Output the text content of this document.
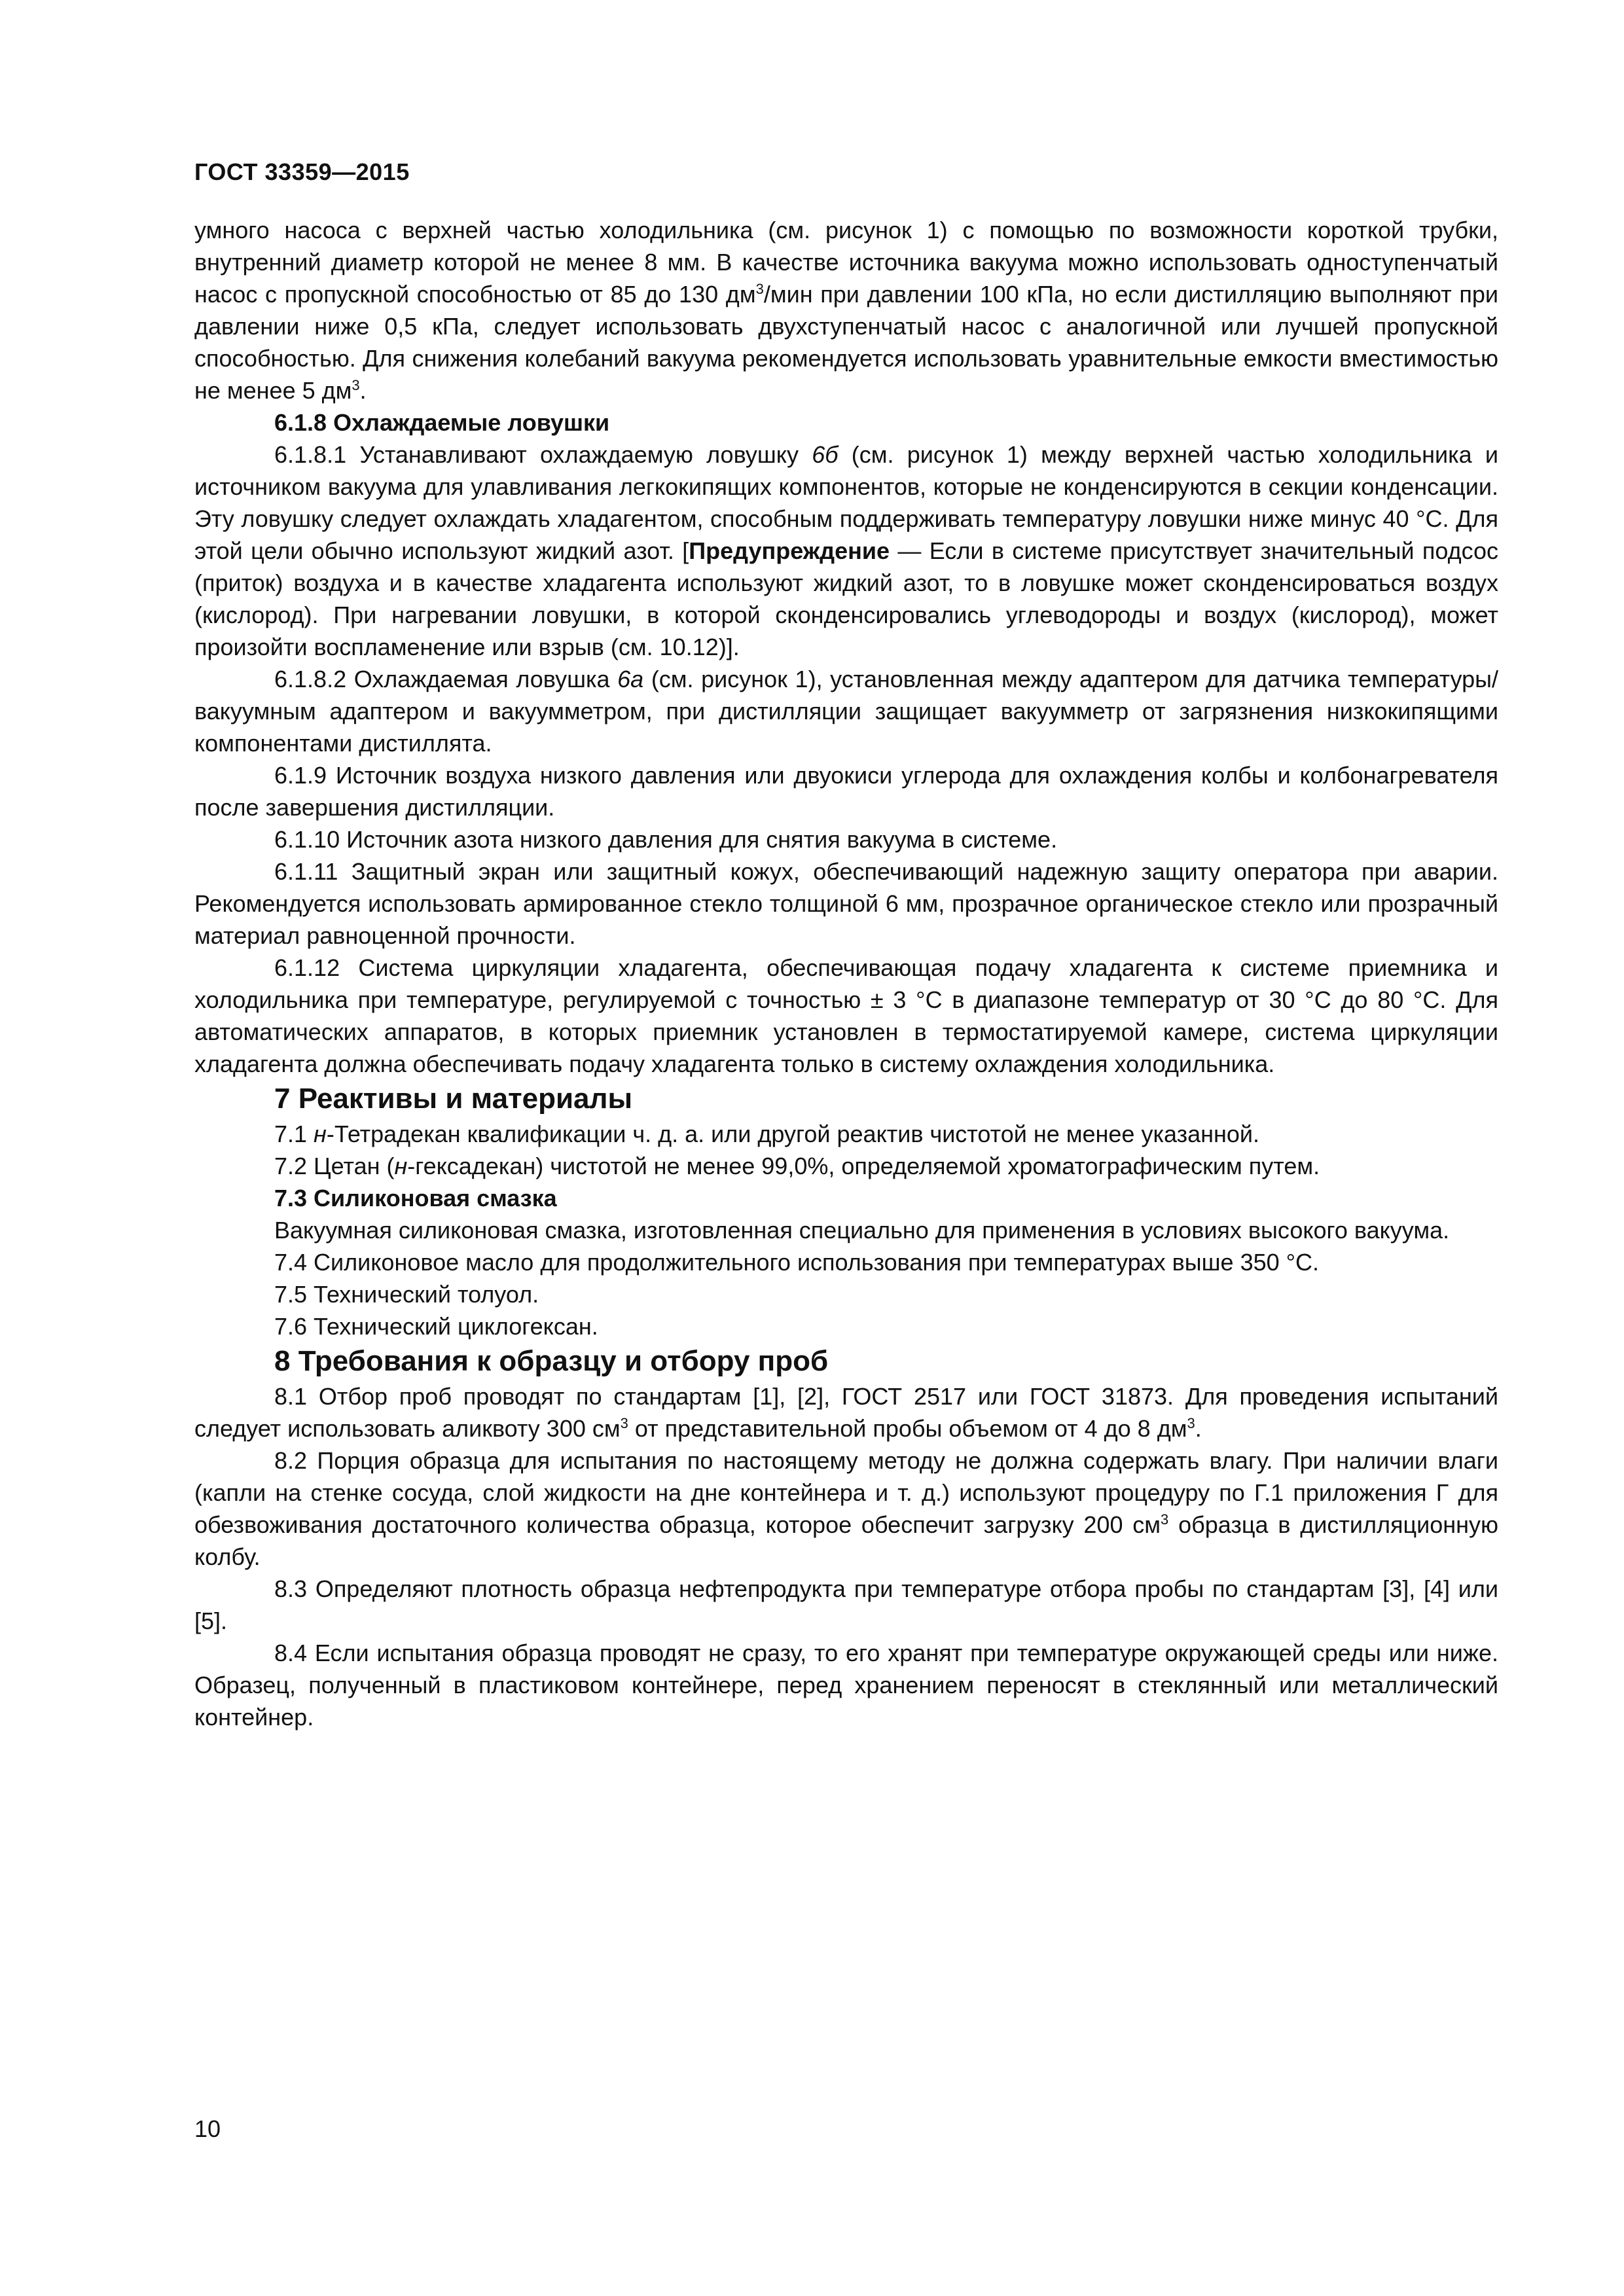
ГОСТ 33359—2015

умного насоса с верхней частью холодильника (см. рисунок 1) с помощью по возможности короткой трубки, внутренний диаметр которой не менее 8 мм. В качестве источника вакуума можно использовать одноступенчатый насос с пропускной способностью от 85 до 130 $дм^3$/мин при давлении 100 кПа, но если дистилляцию выполняют при давлении ниже 0,5 кПа, следует использовать двухступенчатый насос с аналогичной или лучшей пропускной способностью. Для снижения колебаний вакуума рекомендуется использовать уравнительные емкости вместимостью не менее 5 $дм^3$.

6.1.8 Охлаждаемые ловушки

6.1.8.1 Устанавливают охлаждаемую ловушку 6б (см. рисунок 1) между верхней частью холодильника и источником вакуума для улавливания легкокипящих компонентов, которые не конденсируются в секции конденсации. Эту ловушку следует охлаждать хладагентом, способным поддерживать температуру ловушки ниже минус 40 °С. Для этой цели обычно используют жидкий азот. [Предупреждение — Если в системе присутствует значительный подсос (приток) воздуха и в качестве хладагента используют жидкий азот, то в ловушке может сконденсироваться воздух (кислород). При нагревании ловушки, в которой сконденсировались углеводороды и воздух (кислород), может произойти воспламенение или взрыв (см. 10.12)].

6.1.8.2 Охлаждаемая ловушка 6а (см. рисунок 1), установленная между адаптером для датчика температуры/вакуумным адаптером и вакуумметром, при дистилляции защищает вакуумметр от загрязнения низкокипящими компонентами дистиллята.

6.1.9 Источник воздуха низкого давления или двуокиси углерода для охлаждения колбы и колбонагревателя после завершения дистилляции.

6.1.10 Источник азота низкого давления для снятия вакуума в системе.

6.1.11 Защитный экран или защитный кожух, обеспечивающий надежную защиту оператора при аварии. Рекомендуется использовать армированное стекло толщиной 6 мм, прозрачное органическое стекло или прозрачный материал равноценной прочности.

6.1.12 Система циркуляции хладагента, обеспечивающая подачу хладагента к системе приемника и холодильника при температуре, регулируемой с точностью ± 3 °С в диапазоне температур от 30 °С до 80 °С. Для автоматических аппаратов, в которых приемник установлен в термостатируемой камере, система циркуляции хладагента должна обеспечивать подачу хладагента только в систему охлаждения холодильника.

7 Реактивы и материалы

7.1 н-Тетрадекан квалификации ч. д. а. или другой реактив чистотой не менее указанной.

7.2 Цетан (н-гексадекан) чистотой не менее 99,0%, определяемой хроматографическим путем.

7.3 Силиконовая смазка

Вакуумная силиконовая смазка, изготовленная специально для применения в условиях высокого вакуума.

7.4 Силиконовое масло для продолжительного использования при температурах выше 350 °С.

7.5 Технический толуол.

7.6 Технический циклогексан.

8 Требования к образцу и отбору проб

8.1 Отбор проб проводят по стандартам [1], [2], ГОСТ 2517 или ГОСТ 31873. Для проведения испытаний следует использовать аликвоту 300 $см^3$ от представительной пробы объемом от 4 до 8 $дм^3$.

8.2 Порция образца для испытания по настоящему методу не должна содержать влагу. При наличии влаги (капли на стенке сосуда, слой жидкости на дне контейнера и т. д.) используют процедуру по Г.1 приложения Г для обезвоживания достаточного количества образца, которое обеспечит загрузку 200 $см^3$ образца в дистилляционную колбу.

8.3 Определяют плотность образца нефтепродукта при температуре отбора пробы по стандартам [3], [4] или [5].

8.4 Если испытания образца проводят не сразу, то его хранят при температуре окружающей среды или ниже. Образец, полученный в пластиковом контейнере, перед хранением переносят в стеклянный или металлический контейнер.

10
